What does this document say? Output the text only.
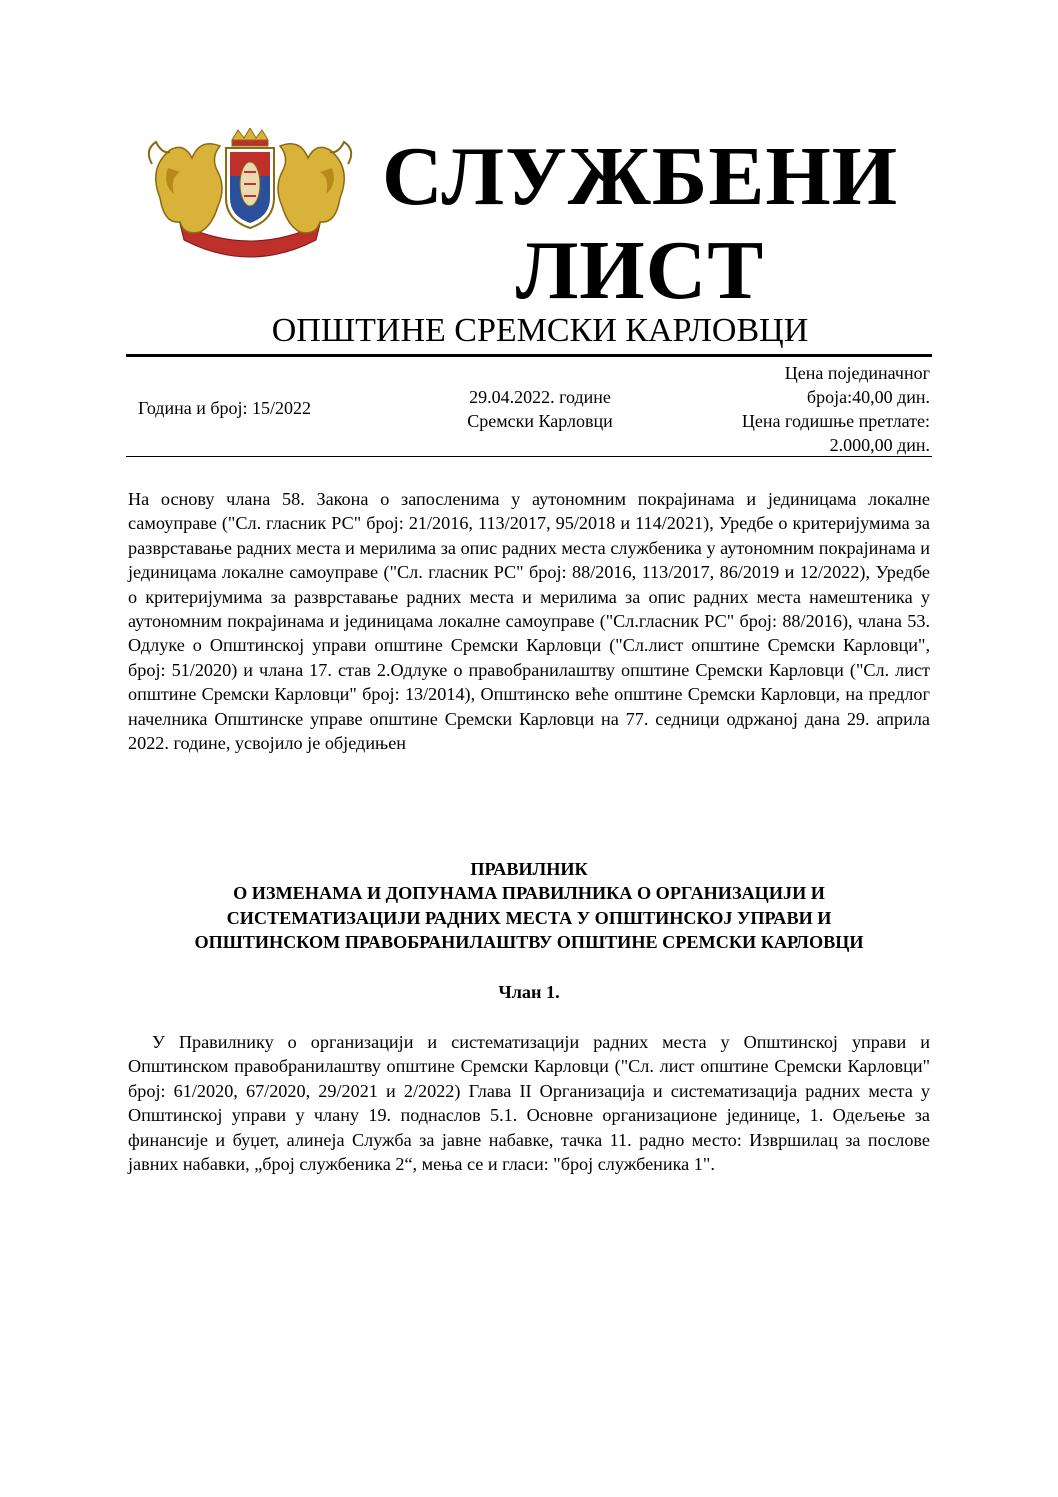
СЛУЖБЕНИ
ЛИСТ
ОПШТИНЕ СРЕМСКИ КАРЛОВЦИ
Година и број: 15/2022
29.04.2022. године
Сремски Карловци
Цена појединачног
броја:40,00 дин.
Цена годишње претлате:
2.000,00 дин.
На основу члана 58. Закона о запосленима у аутономним покрајинама и јединицама локалне самоуправе ("Сл. гласник РС" број: 21/2016, 113/2017, 95/2018 и 114/2021), Уредбе о критеријумима за разврставање радних места и мерилима за опис радних места службеника у аутономним покрајинама и јединицама локалне самоуправе ("Сл. гласник РС" број: 88/2016, 113/2017, 86/2019 и 12/2022), Уредбе о критеријумима за разврставање радних места и мерилима за опис радних места намештеника у аутономним покрајинама и јединицама локалне самоуправе ("Сл.гласник РС" број: 88/2016), члана 53. Одлуке о Општинској управи општине Сремски Карловци ("Сл.лист општине Сремски Карловци", број: 51/2020) и члана 17. став 2.Одлуке о правобранилаштву општине Сремски Карловци ("Сл. лист општине Сремски Карловци" број: 13/2014), Општинско веће општине Сремски Карловци, на предлог начелника Општинске управе општине Сремски Карловци на 77. седници одржаној дана 29. априла 2022. године, усвојило је обједињен
ПРАВИЛНИК
О ИЗМЕНАМА И ДОПУНАМА ПРАВИЛНИКА О ОРГАНИЗАЦИЈИ И
СИСТЕМАТИЗАЦИЈИ РАДНИХ МЕСТА У ОПШТИНСКОЈ УПРАВИ И
ОПШТИНСКОМ ПРАВОБРАНИЛАШТВУ ОПШТИНЕ СРЕМСКИ КАРЛОВЦИ
Члан 1.
У Правилнику о организацији и систематизацији радних места у Општинској управи и Општинском правобранилаштву општине Сремски Карловци ("Сл. лист општине Сремски Карловци" број: 61/2020, 67/2020, 29/2021 и 2/2022) Глава II Организација и систематизација радних места у Општинској управи у члану 19. поднаслов 5.1. Основне организационе јединице, 1. Одељење за финансије и буџет, алинеја Служба за јавне набавке, тачка 11. радно место: Извршилац за послове јавних набавки, „број службеника 2“, мења се и гласи: "број службеника 1".
